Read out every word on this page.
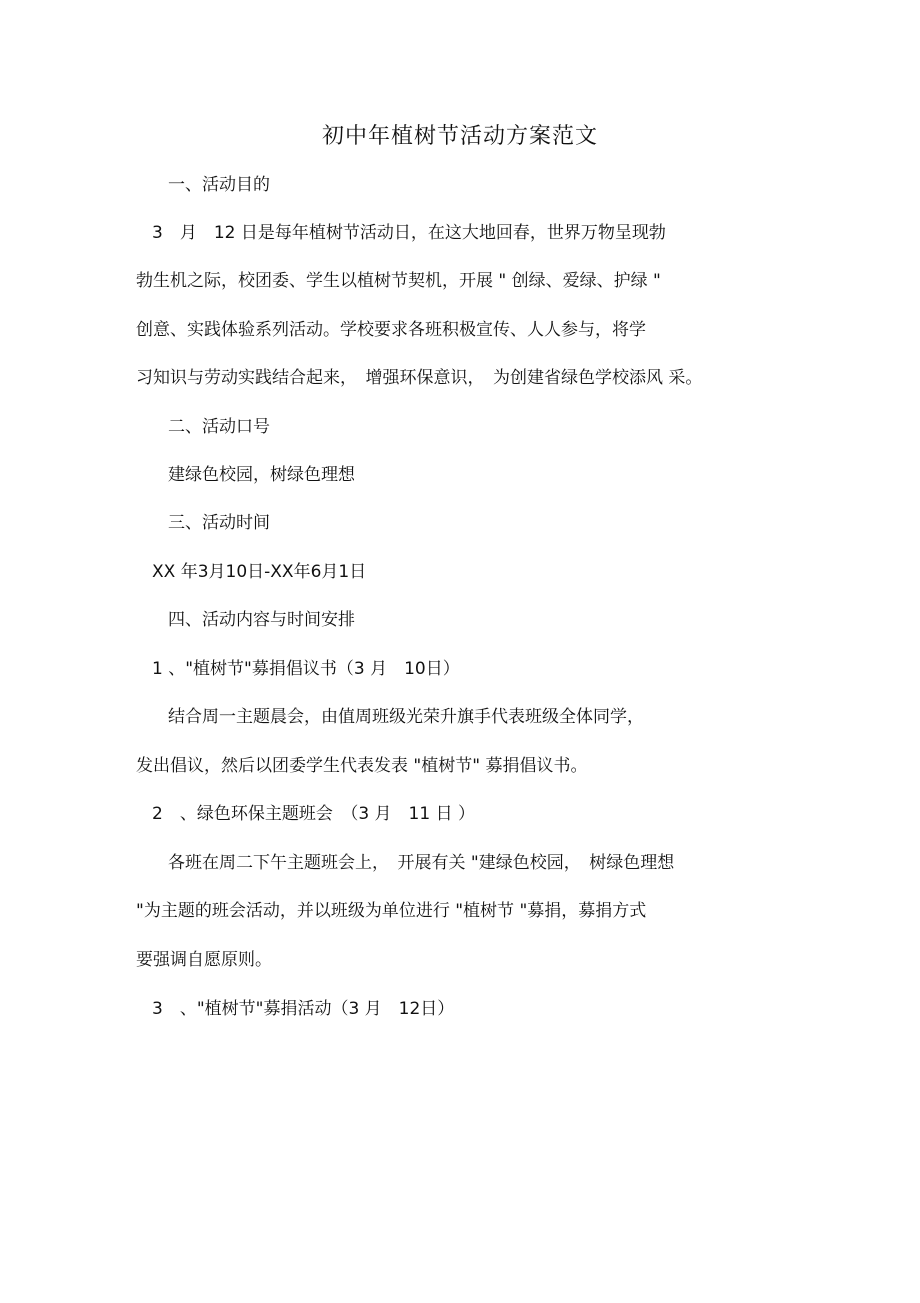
初中年植树节活动方案范文
一、活动目的
3　月　12 日是每年植树节活动日，在这大地回春，世界万物呈现勃
勃生机之际，校团委、学生以植树节契机，开展 " 创绿、爱绿、护绿 "
创意、实践体验系列活动。学校要求各班积极宣传、人人参与，将学
习知识与劳动实践结合起来，　增强环保意识，　为创建省绿色学校添风 采。
二、活动口号
建绿色校园，树绿色理想
三、活动时间
XX 年3月10日-XX年6月1日
四、活动内容与时间安排
1 、"植树节"募捐倡议书（3 月　10日）
结合周一主题晨会，由值周班级光荣升旗手代表班级全体同学，
发出倡议，然后以团委学生代表发表 "植树节" 募捐倡议书。
2　、绿色环保主题班会　（3 月　11 日 ）
各班在周二下午主题班会上，　开展有关 "建绿色校园，　树绿色理想
"为主题的班会活动，并以班级为单位进行 "植树节 "募捐，募捐方式
要强调自愿原则。
3　、"植树节"募捐活动（3 月　12日）
